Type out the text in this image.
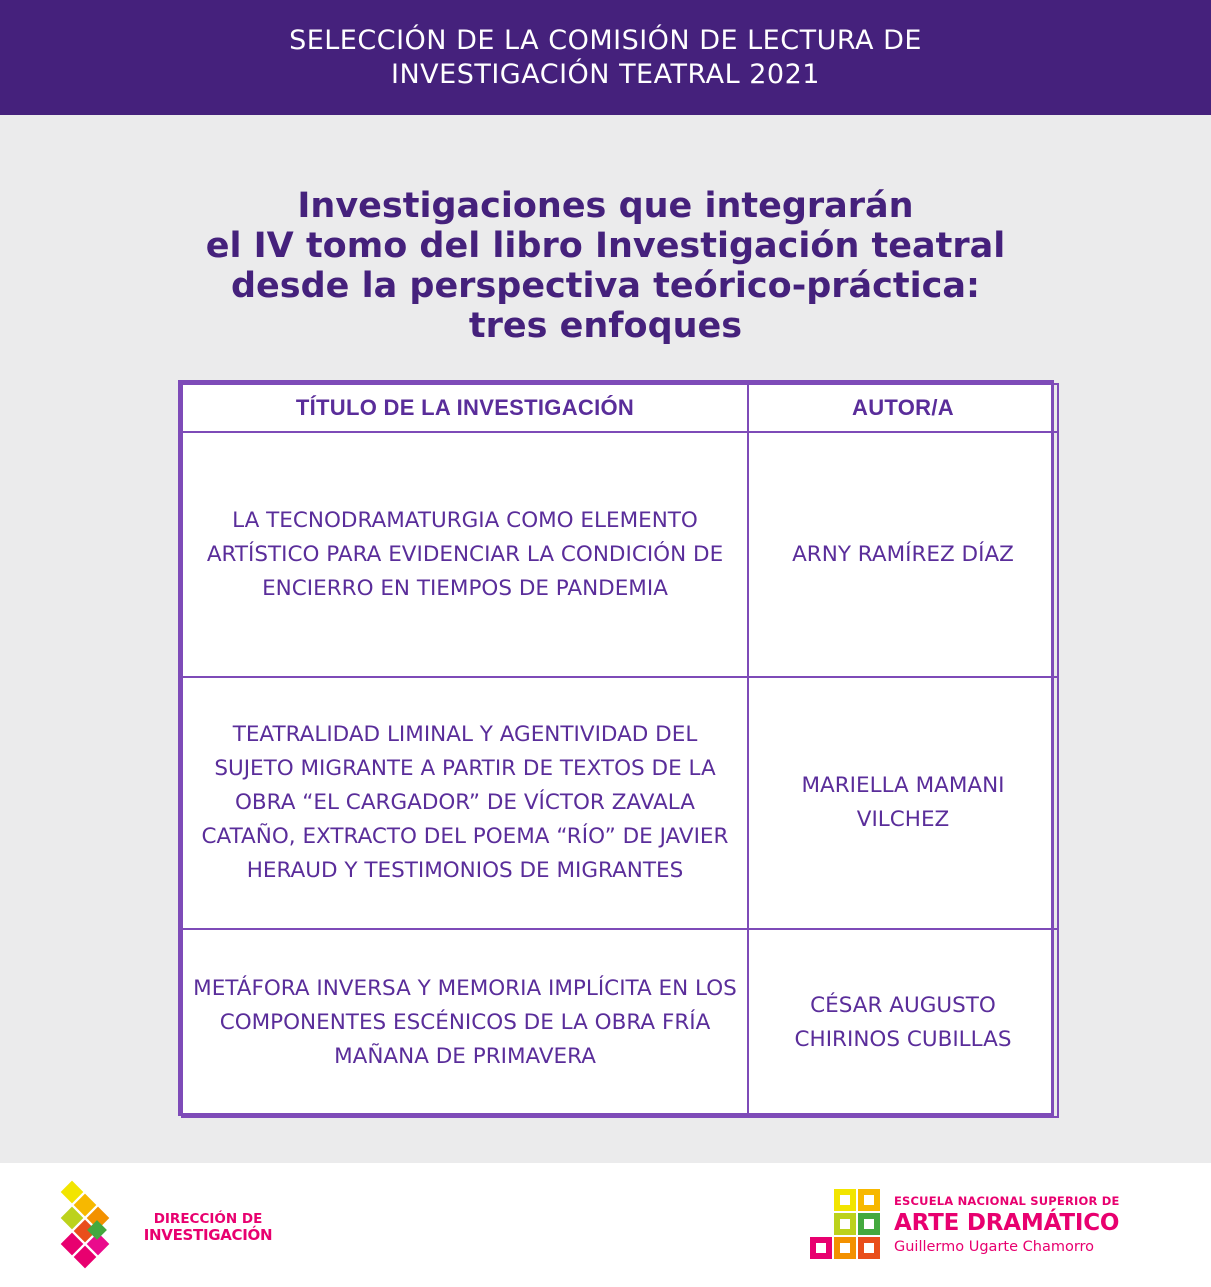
SELECCIÓN DE LA COMISIÓN DE LECTURA DE INVESTIGACIÓN TEATRAL 2021
Investigaciones que integrarán
el IV tomo del libro Investigación teatral
desde la perspectiva teórico-práctica:
tres enfoques
TÍTULO DE LA INVESTIGACIÓN	AUTOR/A
LA TECNODRAMATURGIA COMO ELEMENTO ARTÍSTICO PARA EVIDENCIAR LA CONDICIÓN DE ENCIERRO EN TIEMPOS DE PANDEMIA	ARNY RAMÍREZ DÍAZ
TEATRALIDAD LIMINAL Y AGENTIVIDAD DEL SUJETO MIGRANTE A PARTIR DE TEXTOS DE LA OBRA “EL CARGADOR” DE VÍCTOR ZAVALA CATAÑO, EXTRACTO DEL POEMA “RÍO” DE JAVIER HERAUD Y TESTIMONIOS DE MIGRANTES	MARIELLA MAMANI VILCHEZ
METÁFORA INVERSA Y MEMORIA IMPLÍCITA EN LOS COMPONENTES ESCÉNICOS DE LA OBRA FRÍA MAÑANA DE PRIMAVERA	CÉSAR AUGUSTO CHIRINOS CUBILLAS
DIRECCIÓN DE
INVESTIGACIÓN
ESCUELA NACIONAL SUPERIOR DE
ARTE DRAMÁTICO
Guillermo Ugarte Chamorro
